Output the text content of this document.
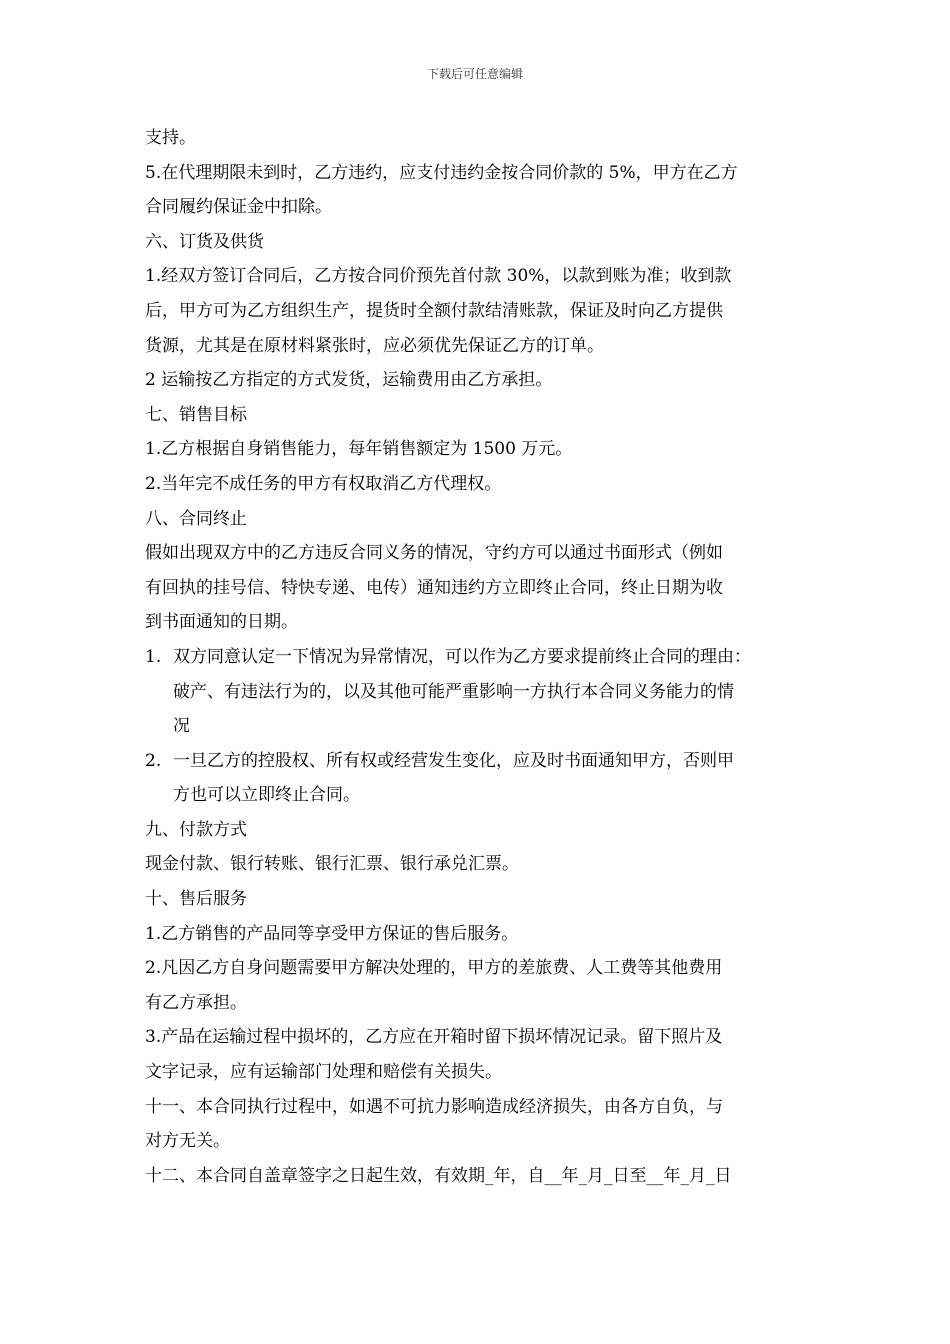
下载后可任意编辑
支持。
5.在代理期限未到时，乙方违约，应支付违约金按合同价款的 5%，甲方在乙方
合同履约保证金中扣除。
六、订货及供货
1.经双方签订合同后，乙方按合同价预先首付款 30%，以款到账为准；收到款
后，甲方可为乙方组织生产，提货时全额付款结清账款，保证及时向乙方提供
货源，尤其是在原材料紧张时，应必须优先保证乙方的订单。
2 运输按乙方指定的方式发货，运输费用由乙方承担。
七、销售目标
1.乙方根据自身销售能力，每年销售额定为 1500 万元。
2.当年完不成任务的甲方有权取消乙方代理权。
八、合同终止
假如出现双方中的乙方违反合同义务的情况，守约方可以通过书面形式（例如
有回执的挂号信、特快专递、电传）通知违约方立即终止合同，终止日期为收
到书面通知的日期。
1. 双方同意认定一下情况为异常情况，可以作为乙方要求提前终止合同的理由：
破产、有违法行为的，以及其他可能严重影响一方执行本合同义务能力的情
况
2. 一旦乙方的控股权、所有权或经营发生变化，应及时书面通知甲方，否则甲
方也可以立即终止合同。
九、付款方式
现金付款、银行转账、银行汇票、银行承兑汇票。
十、售后服务
1.乙方销售的产品同等享受甲方保证的售后服务。
2.凡因乙方自身问题需要甲方解决处理的，甲方的差旅费、人工费等其他费用
有乙方承担。
3.产品在运输过程中损坏的，乙方应在开箱时留下损坏情况记录。留下照片及
文字记录，应有运输部门处理和赔偿有关损失。
十一、本合同执行过程中，如遇不可抗力影响造成经济损失，由各方自负，与
对方无关。
十二、本合同自盖章签字之日起生效，有效期_年，自__年_月_日至__年_月_日
